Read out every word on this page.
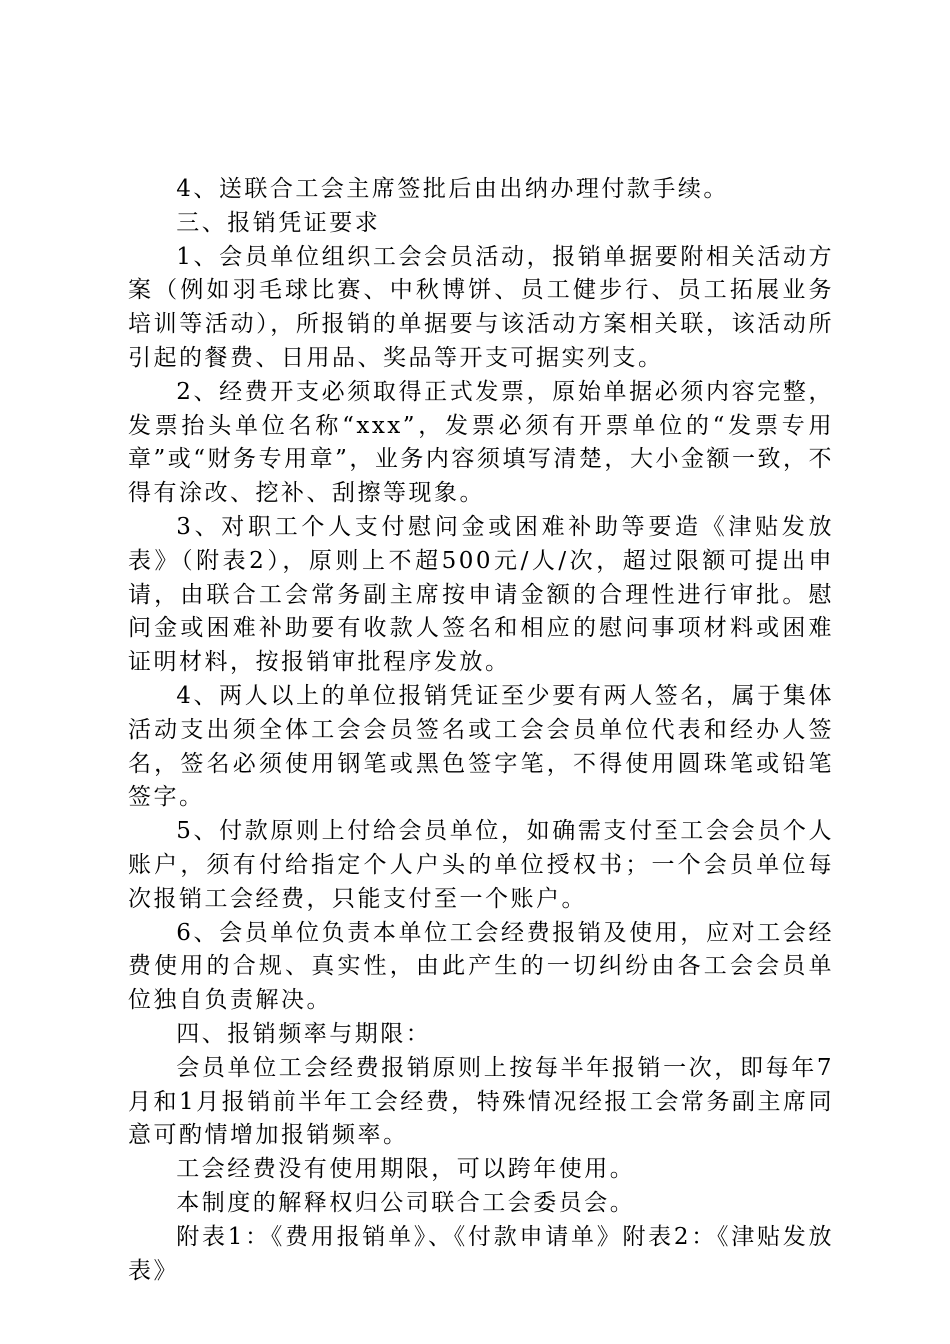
4、送联合工会主席签批后由出纳办理付款手续。

三、报销凭证要求

1、会员单位组织工会会员活动，报销单据要附相关活动方案（例如羽毛球比赛、中秋博饼、员工健步行、员工拓展业务培训等活动），所报销的单据要与该活动方案相关联，该活动所引起的餐费、日用品、奖品等开支可据实列支。

2、经费开支必须取得正式发票，原始单据必须内容完整，发票抬头单位名称“xxx”，发票必须有开票单位的“发票专用章”或“财务专用章”，业务内容须填写清楚，大小金额一致，不得有涂改、挖补、刮擦等现象。

3、对职工个人支付慰问金或困难补助等要造《津贴发放表》（附表2），原则上不超500元/人/次，超过限额可提出申请，由联合工会常务副主席按申请金额的合理性进行审批。慰问金或困难补助要有收款人签名和相应的慰问事项材料或困难证明材料，按报销审批程序发放。

4、两人以上的单位报销凭证至少要有两人签名，属于集体活动支出须全体工会会员签名或工会会员单位代表和经办人签名，签名必须使用钢笔或黑色签字笔，不得使用圆珠笔或铅笔签字。

5、付款原则上付给会员单位，如确需支付至工会会员个人账户，须有付给指定个人户头的单位授权书；一个会员单位每次报销工会经费，只能支付至一个账户。

6、会员单位负责本单位工会经费报销及使用，应对工会经费使用的合规、真实性，由此产生的一切纠纷由各工会会员单位独自负责解决。

四、报销频率与期限：

会员单位工会经费报销原则上按每半年报销一次，即每年7月和1月报销前半年工会经费，特殊情况经报工会常务副主席同意可酌情增加报销频率。

工会经费没有使用期限，可以跨年使用。

本制度的解释权归公司联合工会委员会。

附表1：《费用报销单》、《付款申请单》附表2：《津贴发放表》
